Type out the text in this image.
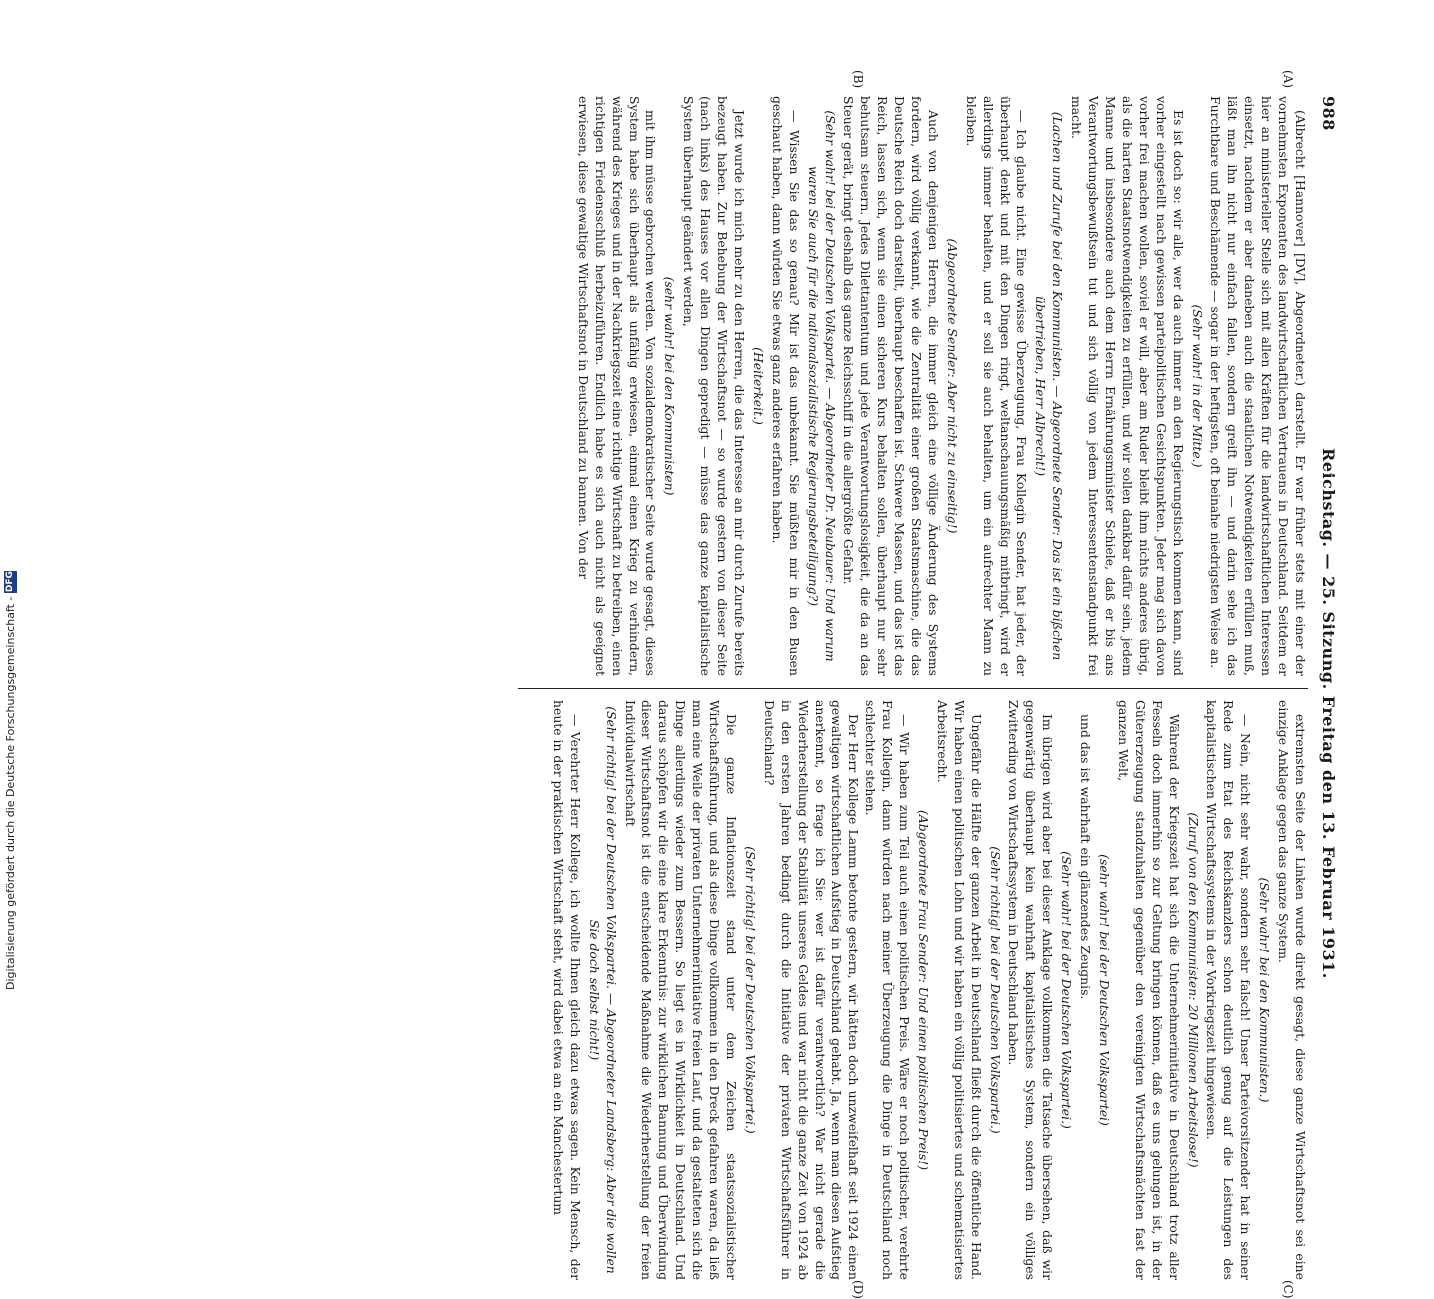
988
Reichstag. — 25. Sitzung. Freitag den 13. Februar 1931.
(A)
(B)
(C)
(D)

(Albrecht [Hannover] [DV], Abgeordneter.) darstellt. Er war früher stets mit einer der vornehmsten Exponenten des landwirtschaftlichen Vertrauens in Deutschland. Seitdem er hier an ministerieller Stelle sich mit allen Kräften für die landwirtschaftlichen Interessen einsetzt, nachdem er aber daneben auch die staatlichen Notwendigkeiten erfüllen muß, läßt man ihn nicht nur einfach fallen, sondern greift ihn — und darin sehe ich das Furchtbare und Beschämende — sogar in der heftigsten, oft beinahe niedrigsten Weise an.

(Sehr wahr! in der Mitte.)

Es ist doch so: wir alle, wer da auch immer an den Regierungstisch kommen kann, sind vorher eingestellt nach gewissen parteipolitischen Gesichtspunkten. Jeder mag sich davon vorher frei machen wollen, soviel er will, aber am Ruder bleibt ihm nichts anderes übrig, als die harten Staatsnotwendigkeiten zu erfüllen, und wir sollen dankbar dafür sein, jedem Manne und insbesondere auch dem Herrn Ernährungsminister Schiele, daß er bis ans Verantwortungsbewußtsein tut und sich völlig von jedem Interessentenstandpunkt frei macht.

(Lachen und Zurufe bei den Kommunisten. — Abgeordnete Sender: Das ist ein bißchen übertrieben, Herr Albrecht!)

— Ich glaube nicht. Eine gewisse Überzeugung, Frau Kollegin Sender, hat jeder, der überhaupt denkt und mit den Dingen ringt, weltanschauungsmäßig mitbringt, wird er allerdings immer behalten, und er soll sie auch behalten, um ein aufrechter Mann zu bleiben.

(Abgeordnete Sender: Aber nicht zu einseitig!)

Auch von denjenigen Herren, die immer gleich eine völlige Änderung des Systems fordern, wird völlig verkannt, wie die Zentralität einer großen Staatsmaschine, die das Deutsche Reich doch darstellt, überhaupt beschaffen ist. Schwere Massen, und das ist das Reich, lassen sich, wenn sie einen sicheren Kurs behalten sollen, überhaupt nur sehr behutsam steuern. Jedes Dilettantentum und jede Verantwortungslosigkeit, die da an das Steuer gerät, bringt deshalb das ganze Reichsschiff in die allergrößte Gefahr.

(Sehr wahr! bei der Deutschen Volkspartei. — Abgeordneter Dr. Neubauer: Und warum waren Sie auch für die nationalsozialistische Regierungsbeteiligung?)

— Wissen Sie das so genau? Mir ist das unbekannt. Sie müßten mir in den Busen geschaut haben, dann würden Sie etwas ganz anderes erfahren haben.

(Heiterkeit.)

Jetzt wurde ich mich mehr zu den Herren, die das Interesse an mir durch Zurufe bereits bezeugt haben. Zur Behebung der Wirtschaftsnot — so wurde gestern von dieser Seite (nach links) des Hauses vor allen Dingen gepredigt — müsse das ganze kapitalistische System überhaupt geändert werden,

(sehr wahr! bei den Kommunisten)

mit ihm müsse gebrochen werden. Von sozialdemokratischer Seite wurde gesagt, dieses System habe sich überhaupt als unfähig erwiesen, einmal einen Krieg zu verhindern, während des Krieges und in der Nachkriegszeit eine richtige Wirtschaft zu betreiben, einen richtigen Friedensschluß herbeizuführen. Endlich habe es sich auch nicht als geeignet erwiesen, diese gewaltige Wirtschaftsnot in Deutschland zu bannen. Von der

extremsten Seite der Linken wurde direkt gesagt, diese ganze Wirtschaftsnot sei eine einzige Anklage gegen das ganze System.

(Sehr wahr! bei den Kommunisten.)

— Nein, nicht sehr wahr, sondern sehr falsch! Unser Parteivorsitzender hat in seiner Rede zum Etat des Reichskanzlers schon deutlich genug auf die Leistungen des kapitalistischen Wirtschaftssystems in der Vorkriegszeit hingewiesen.

(Zuruf von den Kommunisten: 20 Millionen Arbeitslose!)

Während der Kriegszeit hat sich die Unternehmerinitiative in Deutschland trotz aller Fesseln doch immerhin so zur Geltung bringen können, daß es uns gelungen ist, in der Gütererzeugung standzuhalten gegenüber den vereinigten Wirtschaftsmächten fast der ganzen Welt,

(sehr wahr! bei der Deutschen Volkspartei)

und das ist wahrhaft ein glänzendes Zeugnis.

(Sehr wahr! bei der Deutschen Volkspartei.)

Im übrigen wird aber bei dieser Anklage vollkommen die Tatsache übersehen, daß wir gegenwärtig überhaupt kein wahrhaft kapitalistisches System, sondern ein völliges Zwitterding von Wirtschaftssystem in Deutschland haben.

(Sehr richtig! bei der Deutschen Volkspartei.)

Ungefähr die Hälfte der ganzen Arbeit in Deutschland fließt durch die öffentliche Hand. Wir haben einen politischen Lohn und wir haben ein völlig politisiertes und schematisiertes Arbeitsrecht.

(Abgeordnete Frau Sender: Und einen politischen Preis!)

— Wir haben zum Teil auch einen politischen Preis. Wäre er noch politischer, verehrte Frau Kollegin, dann würden nach meiner Überzeugung die Dinge in Deutschland noch schlechter stehen.

Der Herr Kollege Lamm betonte gestern, wir hätten doch unzweifelhaft seit 1924 einen gewaltigen wirtschaftlichen Aufstieg in Deutschland gehabt. Ja, wenn man diesen Aufstieg anerkennt, so frage ich Sie: wer ist dafür verantwortlich? War nicht gerade die Wiederherstellung der Stabilität unseres Geldes und war nicht die ganze Zeit von 1924 ab in den ersten Jahren bedingt durch die Initiative der privaten Wirtschaftsführer in Deutschland?

(Sehr richtig! bei der Deutschen Volkspartei.)

Die ganze Inflationszeit stand unter dem Zeichen staatssozialistischer Wirtschaftsführung, und als diese Dinge vollkommen in den Dreck gefahren waren, da ließ man eine Weile der privaten Unternehmerinitiative freien Lauf, und da gestalteten sich die Dinge allerdings wieder zum Bessern. So liegt es in Wirklichkeit in Deutschland. Und daraus schöpfen wir die eine klare Erkenntnis: zur wirklichen Bannung und Überwindung dieser Wirtschaftsnot ist die entscheidende Maßnahme die Wiederherstellung der freien Individualwirtschaft

(Sehr richtig! bei der Deutschen Volkspartei. — Abgeordneter Landsberg: Aber die wollen Sie doch selbst nicht!)

— Verehrter Herr Kollege, ich wollte Ihnen gleich dazu etwas sagen. Kein Mensch, der heute in der praktischen Wirtschaft steht, wird dabei etwa an ein Manchestertum

Digitalisierung gefördert durch die Deutsche Forschungsgemeinschaft -
DFG
